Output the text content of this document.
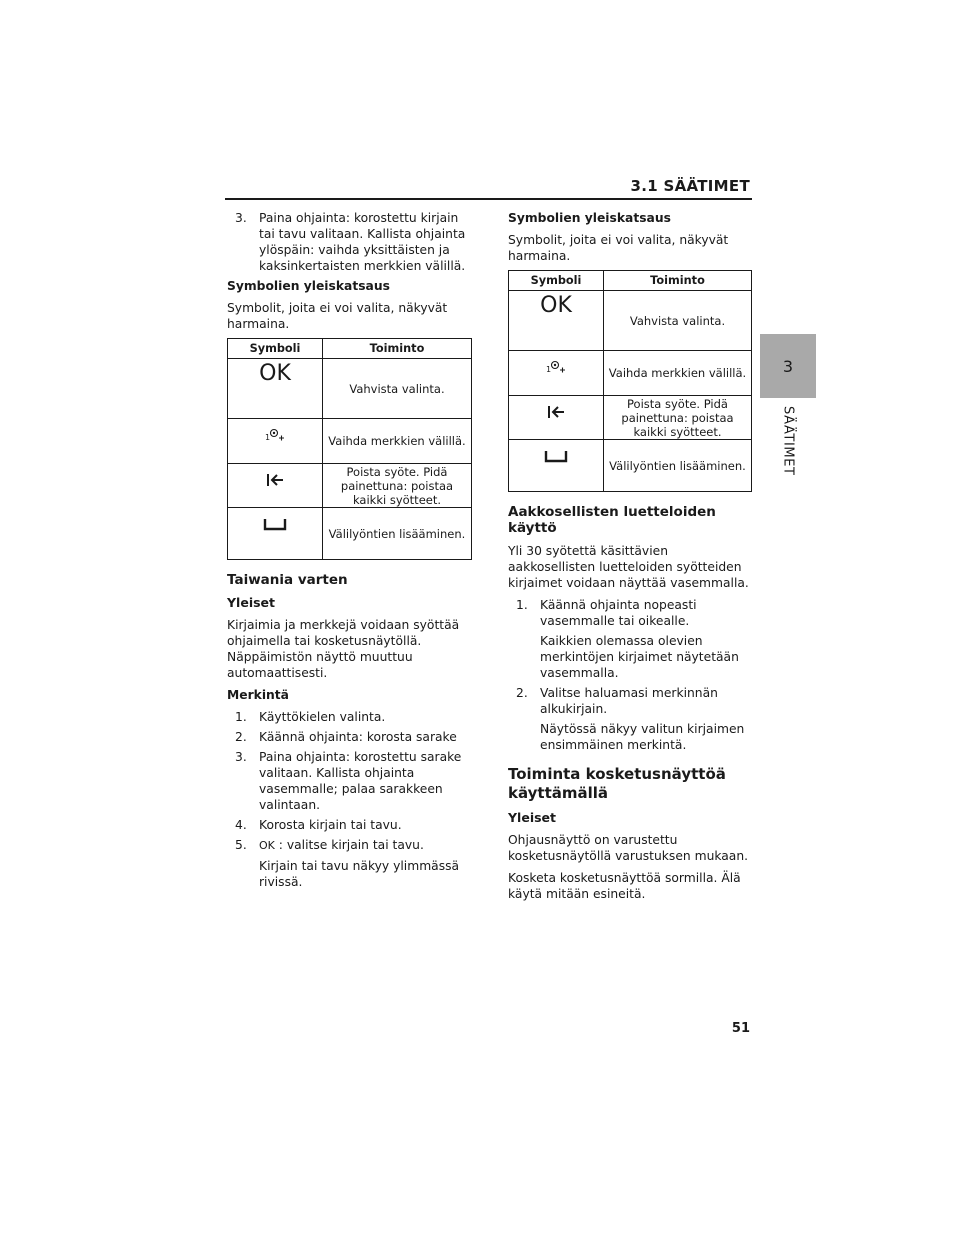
3.1 SÄÄTIMET
3
SÄÄTIMET
51
3. Paina ohjainta: korostettu kirjain tai tavu valitaan. Kallista ohjainta ylöspäin: vaihda yksittäisten ja kaksinkertaisten merkkien välillä.

Symbolien yleiskatsaus

Symbolit, joita ei voi valita, näkyvät harmaina.

Symboli	Toiminto
OK	Vahvista valinta.

1	Vaihda merkkien välillä.
	Poista syöte. Pidä painettuna: poistaa kaikki syötteet.
	Välilyöntien lisääminen.
Taiwania varten
Yleiset

Kirjaimia ja merkkejä voidaan syöttää ohjaimella tai kosketusnäytöllä. Näppäimistön näyttö muuttuu automaattisesti.

Merkintä

1. Käyttökielen valinta.
2. Käännä ohjainta: korosta sarake
3. Paina ohjainta: korostettu sarake valitaan. Kallista ohjainta vasemmalle; palaa sarakkeen valintaan.
4. Korosta kirjain tai tavu.
5.	OK : valitse kirjain tai tavu.

Kirjain tai tavu näkyy ylimmässä rivissä.

Symbolien yleiskatsaus

Symbolit, joita ei voi valita, näkyvät harmaina.

Symboli	Toiminto
OK	Vahvista valinta.

1	Vaihda merkkien välillä.
	Poista syöte. Pidä painettuna: poistaa kaikki syötteet.
	Välilyöntien lisääminen.
Aakkosellisten luetteloiden käyttö

Yli 30 syötettä käsittävien aakkosellisten luetteloiden syötteiden kirjaimet voidaan näyttää vasemmalla.

1. Käännä ohjainta nopeasti vasemmalle tai oikealle.

Kaikkien olemassa olevien merkintöjen kirjaimet näytetään vasemmalla.

2. Valitse haluamasi merkinnän alkukirjain.

Näytössä näkyy valitun kirjaimen ensimmäinen merkintä.

Toiminta kosketusnäyttöä käyttämällä
Yleiset

Ohjausnäyttö on varustettu kosketusnäytöllä varustuksen mukaan.

Kosketa kosketusnäyttöä sormilla. Älä käytä mitään esineitä.
